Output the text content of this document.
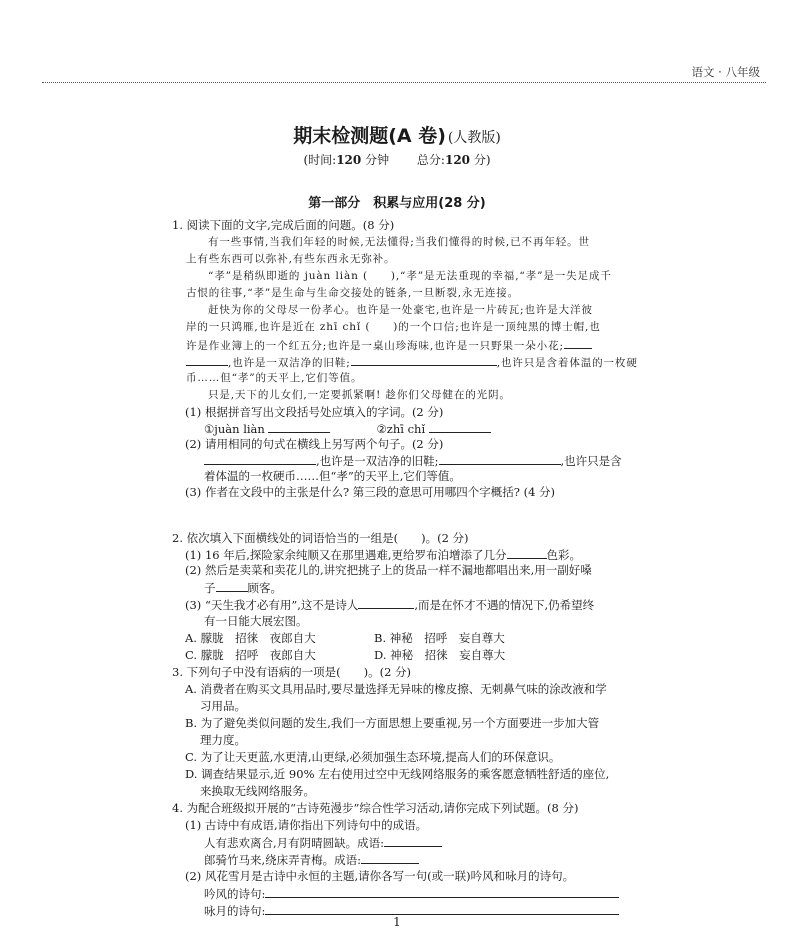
语文 · 八年级
期末检测题(A 卷) (人教版)
(时间:120 分钟　　 总分:120 分)
第一部分　积累与应用(28 分)
1. 阅读下面的文字,完成后面的问题。(8 分)
有一些事情,当我们年轻的时候,无法懂得;当我们懂得的时候,已不再年轻。世
上有些东西可以弥补,有些东西永无弥补。
“孝”是稍纵即逝的 juàn liàn (　　),“孝”是无法重现的幸福,“孝”是一失足成千
古恨的往事,“孝”是生命与生命交接处的链条,一旦断裂,永无连接。
赶快为你的父母尽一份孝心。也许是一处豪宅,也许是一片砖瓦;也许是大洋彼
岸的一只鸿雁,也许是近在 zhī chǐ (　　)的一个口信;也许是一顶纯黑的博士帽,也
许是作业簿上的一个红五分;也许是一桌山珍海味,也许是一只野果一朵小花;
,也许是一双洁净的旧鞋;	,也许只是含着体温的一枚硬
币……但“孝”的天平上,它们等值。
只是,天下的儿女们,一定要抓紧啊! 趁你们父母健在的光阴。
(1) 根据拼音写出文段括号处应填入的字词。(2 分)
①juàn liàn	②zhī chǐ
(2) 请用相同的句式在横线上另写两个句子。(2 分)
,也许是一双洁净的旧鞋;	,也许只是含
着体温的一枚硬币……但“孝”的天平上,它们等值。
(3) 作者在文段中的主张是什么? 第三段的意思可用哪四个字概括? (4 分)
2. 依次填入下面横线处的词语恰当的一组是(　　)。(2 分)
(1) 16 年后,探险家余纯顺又在那里遇难,更给罗布泊增添了几分	色彩。
(2) 然后是卖菜和卖花儿的,讲究把挑子上的货品一样不漏地都唱出来,用一副好嗓
子	顾客。
(3) “天生我才必有用”,这不是诗人	,而是在怀才不遇的情况下,仍希望终
有一日能大展宏图。
A. 朦胧　招徕　夜郎自大	B. 神秘　招呼　妄自尊大
C. 朦胧　招呼　夜郎自大	D. 神秘　招徕　妄自尊大
3. 下列句子中没有语病的一项是(　　)。(2 分)
A. 消费者在购买文具用品时,要尽量选择无异味的橡皮擦、无刺鼻气味的涂改液和学
习用品。
B. 为了避免类似问题的发生,我们一方面思想上要重视,另一个方面要进一步加大管
理力度。
C. 为了让天更蓝,水更清,山更绿,必须加强生态环境,提高人们的环保意识。
D. 调查结果显示,近 90% 左右使用过空中无线网络服务的乘客愿意牺牲舒适的座位,
来换取无线网络服务。
4. 为配合班级拟开展的“古诗苑漫步”综合性学习活动,请你完成下列试题。(8 分)
(1) 古诗中有成语,请你指出下列诗句中的成语。
人有悲欢离合,月有阴晴圆缺。成语:
郎骑竹马来,绕床弄青梅。成语:
(2) 风花雪月是古诗中永恒的主题,请你各写一句(或一联)吟风和咏月的诗句。
吟风的诗句:
咏月的诗句:
1
